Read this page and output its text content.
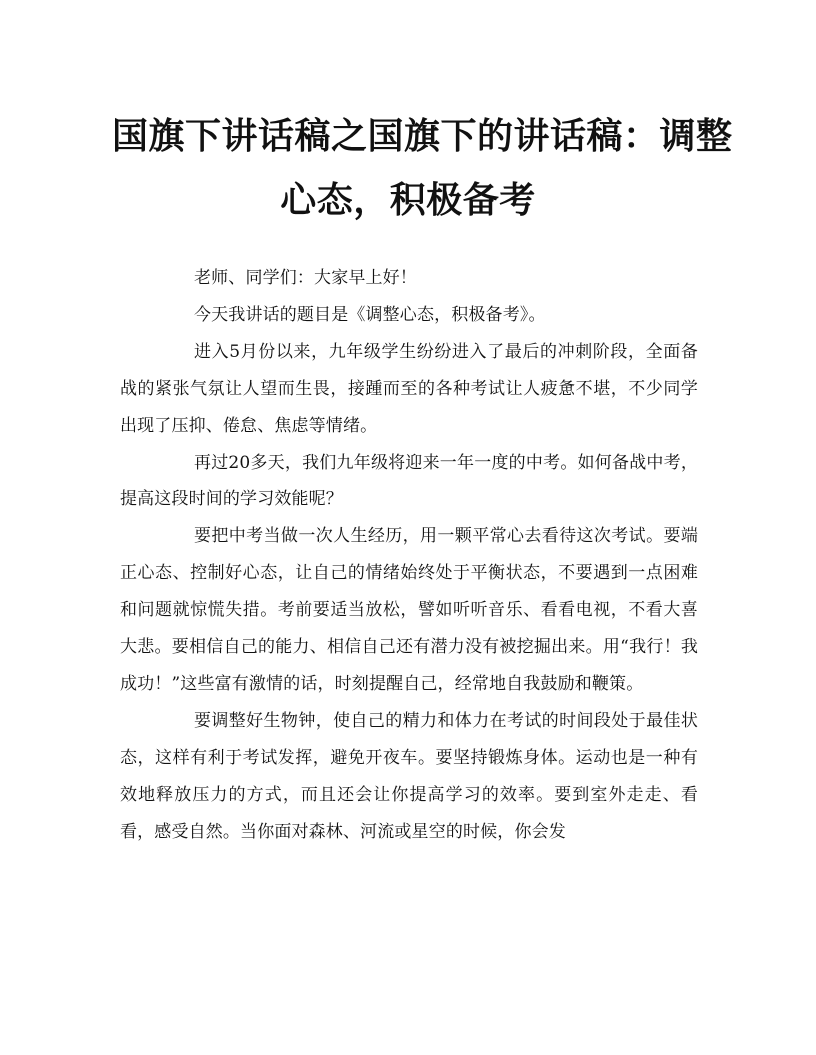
国旗下讲话稿之国旗下的讲话稿：调整
心态，积极备考

老师、同学们：大家早上好！

今天我讲话的题目是《调整心态，积极备考》。

进入5月份以来，九年级学生纷纷进入了最后的冲刺阶段，全面备战的紧张气氛让人望而生畏，接踵而至的各种考试让人疲惫不堪，不少同学出现了压抑、倦怠、焦虑等情绪。

再过20多天，我们九年级将迎来一年一度的中考。如何备战中考，提高这段时间的学习效能呢？

要把中考当做一次人生经历，用一颗平常心去看待这次考试。要端正心态、控制好心态，让自己的情绪始终处于平衡状态，不要遇到一点困难和问题就惊慌失措。考前要适当放松，譬如听听音乐、看看电视，不看大喜大悲。要相信自己的能力、相信自己还有潜力没有被挖掘出来。用“我行！我成功！”这些富有激情的话，时刻提醒自己，经常地自我鼓励和鞭策。

要调整好生物钟，使自己的精力和体力在考试的时间段处于最佳状态，这样有利于考试发挥，避免开夜车。要坚持锻炼身体。运动也是一种有效地释放压力的方式，而且还会让你提高学习的效率。要到室外走走、看看，感受自然。当你面对森林、河流或星空的时候，你会发
